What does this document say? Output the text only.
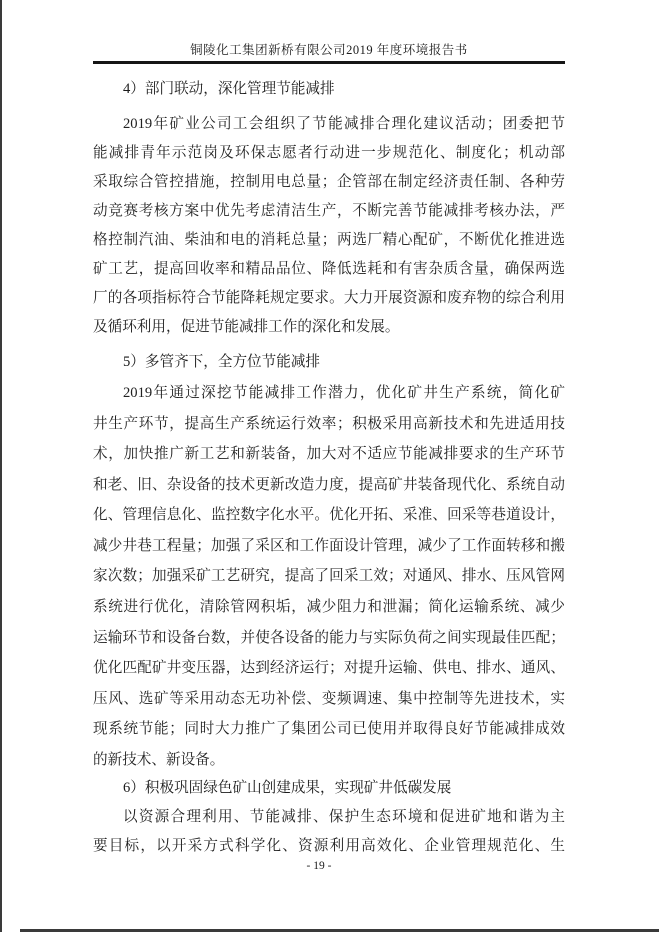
铜陵化工集团新桥有限公司2019 年度环境报告书
4）部门联动，深化管理节能减排
2019年矿业公司工会组织了节能减排合理化建议活动；团委把节
能减排青年示范岗及环保志愿者行动进一步规范化、制度化；机动部
采取综合管控措施，控制用电总量；企管部在制定经济责任制、各种劳
动竞赛考核方案中优先考虑清洁生产，不断完善节能减排考核办法，严
格控制汽油、柴油和电的消耗总量；两选厂精心配矿，不断优化推进选
矿工艺，提高回收率和精品品位、降低选耗和有害杂质含量，确保两选
厂的各项指标符合节能降耗规定要求。大力开展资源和废弃物的综合利用
及循环利用，促进节能减排工作的深化和发展。
5）多管齐下，全方位节能减排
2019年通过深挖节能减排工作潜力，优化矿井生产系统，简化矿
井生产环节，提高生产系统运行效率；积极采用高新技术和先进适用技
术，加快推广新工艺和新装备，加大对不适应节能减排要求的生产环节
和老、旧、杂设备的技术更新改造力度，提高矿井装备现代化、系统自动
化、管理信息化、监控数字化水平。优化开拓、采准、回采等巷道设计，
减少井巷工程量；加强了采区和工作面设计管理，减少了工作面转移和搬
家次数；加强采矿工艺研究，提高了回采工效；对通风、排水、压风管网
系统进行优化，清除管网积垢，减少阻力和泄漏；简化运输系统、减少
运输环节和设备台数，并使各设备的能力与实际负荷之间实现最佳匹配；
优化匹配矿井变压器，达到经济运行；对提升运输、供电、排水、通风、
压风、选矿等采用动态无功补偿、变频调速、集中控制等先进技术，实
现系统节能；同时大力推广了集团公司已使用并取得良好节能减排成效
的新技术、新设备。
6）积极巩固绿色矿山创建成果，实现矿井低碳发展
以资源合理利用、节能减排、保护生态环境和促进矿地和谐为主
要目标，以开采方式科学化、资源利用高效化、企业管理规范化、生
- 19 -
